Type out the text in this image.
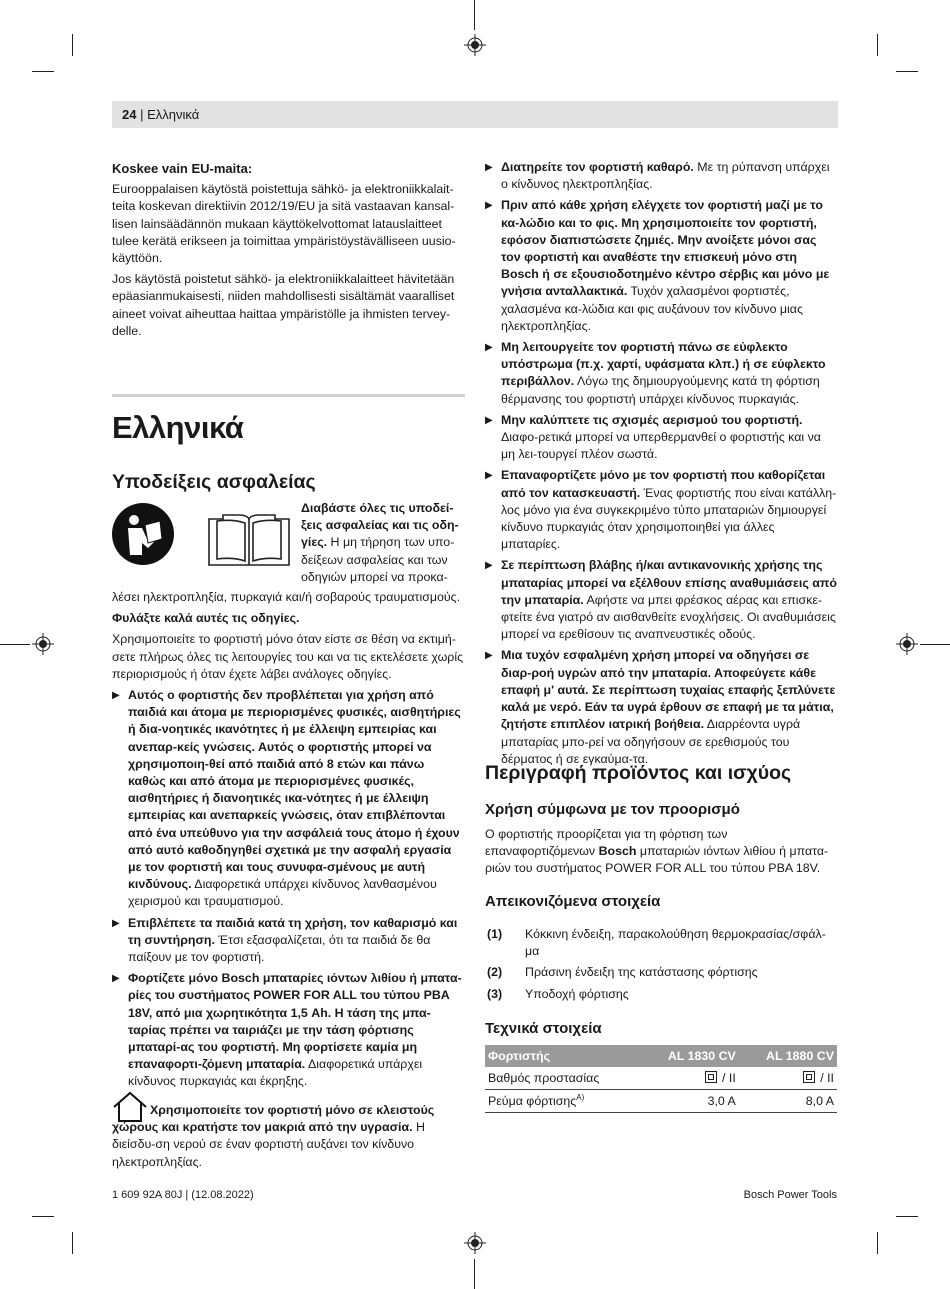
24 | Ελληνικά
Koskee vain EU-maita:

Eurooppalaisen käytöstä poistettuja sähkö- ja elektroniikkalait-teita koskevan direktiivin 2012/19/EU ja sitä vastaavan kansal-lisen lainsäädännön mukaan käyttökelvottomat latauslaitteet tulee kerätä erikseen ja toimittaa ympäristöystävälliseen uusio-käyttöön.

Jos käytöstä poistetut sähkö- ja elektroniikkalaitteet hävitetään epäasianmukaisesti, niiden mahdollisesti sisältämät vaaralliset aineet voivat aiheuttaa haittaa ympäristölle ja ihmisten tervey-delle.

Ελληνικά
Υποδείξεις ασφαλείας
Διαβάστε όλες τις υποδεί-ξεις ασφαλείας και τις οδη-γίες. Η μη τήρηση των υπο-δείξεων ασφαλείας και των οδηγιών μπορεί να προκα-

λέσει ηλεκτροπληξία, πυρκαγιά και/ή σοβαρούς τραυματισμούς.

Φυλάξτε καλά αυτές τις οδηγίες.

Χρησιμοποιείτε το φορτιστή μόνο όταν είστε σε θέση να εκτιμή-σετε πλήρως όλες τις λειτουργίες του και να τις εκτελέσετε χωρίς περιορισμούς ή όταν έχετε λάβει ανάλογες οδηγίες.

▶ Αυτός ο φορτιστής δεν προβλέπεται για χρήση από παιδιά και άτομα με περιορισμένες φυσικές, αισθητήριες ή δια-νοητικές ικανότητες ή με έλλειψη εμπειρίας και ανεπαρ-κείς γνώσεις. Αυτός ο φορτιστής μπορεί να χρησιμοποιη-θεί από παιδιά από 8 ετών και πάνω καθώς και από άτομα με περιορισμένες φυσικές, αισθητήριες ή διανοητικές ικα-νότητες ή με έλλειψη εμπειρίας και ανεπαρκείς γνώσεις, όταν επιβλέπονται από ένα υπεύθυνο για την ασφάλειά τους άτομο ή έχουν από αυτό καθοδηγηθεί σχετικά με την ασφαλή εργασία με τον φορτιστή και τους συνυφα-σμένους με αυτή κινδύνους. Διαφορετικά υπάρχει κίνδυνος λανθασμένου χειρισμού και τραυματισμού.

▶ Επιβλέπετε τα παιδιά κατά τη χρήση, τον καθαρισμό και τη συντήρηση. Έτσι εξασφαλίζεται, ότι τα παιδιά δε θα παίξουν με τον φορτιστή.

▶ Φορτίζετε μόνο Bosch μπαταρίες ιόντων λιθίου ή μπατα-ρίες του συστήματος POWER FOR ALL του τύπου PBA 18V, από μια χωρητικότητα 1,5 Ah. Η τάση της μπα-ταρίας πρέπει να ταιριάζει με την τάση φόρτισης μπαταρί-ας του φορτιστή. Μη φορτίσετε καμία μη επαναφορτι-ζόμενη μπαταρία. Διαφορετικά υπάρχει κίνδυνος πυρκαγιάς και έκρηξης.

Χρησιμοποιείτε τον φορτιστή μόνο σε κλειστούς χώρους και κρατήστε τον μακριά από την υγρασία. Η διείσδυ-ση νερού σε έναν φορτιστή αυξάνει τον κίνδυνο ηλεκτροπληξίας.

▶ Διατηρείτε τον φορτιστή καθαρό. Με τη ρύπανση υπάρχει ο κίνδυνος ηλεκτροπληξίας.

▶ Πριν από κάθε χρήση ελέγχετε τον φορτιστή μαζί με το κα-λώδιο και το φις. Μη χρησιμοποιείτε τον φορτιστή, εφόσον διαπιστώσετε ζημιές. Μην ανοίξετε μόνοι σας τον φορτιστή και αναθέστε την επισκευή μόνο στη Bosch ή σε εξουσιοδοτημένο κέντρο σέρβις και μόνο με γνήσια ανταλλακτικά. Τυχόν χαλασμένοι φορτιστές, χαλασμένα κα-λώδια και φις αυξάνουν τον κίνδυνο μιας ηλεκτροπληξίας.

▶ Μη λειτουργείτε τον φορτιστή πάνω σε εύφλεκτο υπόστρωμα (π.χ. χαρτί, υφάσματα κλπ.) ή σε εύφλεκτο περιβάλλον. Λόγω της δημιουργούμενης κατά τη φόρτιση θέρμανσης του φορτιστή υπάρχει κίνδυνος πυρκαγιάς.

▶ Μην καλύπτετε τις σχισμές αερισμού του φορτιστή. Διαφο-ρετικά μπορεί να υπερθερμανθεί ο φορτιστής και να μη λει-τουργεί πλέον σωστά.

▶ Επαναφορτίζετε μόνο με τον φορτιστή που καθορίζεται από τον κατασκευαστή. Ένας φορτιστής που είναι κατάλλη-λος μόνο για ένα συγκεκριμένο τύπο μπαταριών δημιουργεί κίνδυνο πυρκαγιάς όταν χρησιμοποιηθεί για άλλες μπαταρίες.

▶ Σε περίπτωση βλάβης ή/και αντικανονικής χρήσης της μπαταρίας μπορεί να εξέλθουν επίσης αναθυμιάσεις από την μπαταρία. Αφήστε να μπει φρέσκος αέρας και επισκε-φτείτε ένα γιατρό αν αισθανθείτε ενοχλήσεις. Οι αναθυμιάσεις μπορεί να ερεθίσουν τις αναπνευστικές οδούς.

▶ Μια τυχόν εσφαλμένη χρήση μπορεί να οδηγήσει σε διαρ-ροή υγρών από την μπαταρία. Αποφεύγετε κάθε επαφή μ' αυτά. Σε περίπτωση τυχαίας επαφής ξεπλύνετε καλά με νερό. Εάν τα υγρά έρθουν σε επαφή με τα μάτια, ζητήστε επιπλέον ιατρική βοήθεια. Διαρρέοντα υγρά μπαταρίας μπο-ρεί να οδηγήσουν σε ερεθισμούς του δέρματος ή σε εγκαύμα-τα.

Περιγραφή προϊόντος και ισχύος
Χρήση σύμφωνα με τον προορισμό
Ο φορτιστής προορίζεται για τη φόρτιση των επαναφορτιζόμενων Bosch μπαταριών ιόντων λιθίου ή μπατα-ριών του συστήματος POWER FOR ALL του τύπου PBA 18V.
Απεικονιζόμενα στοιχεία
(1) Κόκκινη ένδειξη, παρακολούθηση θερμοκρασίας/σφάλ-μα
(2) Πράσινη ένδειξη της κατάστασης φόρτισης
(3) Υποδοχή φόρτισης
Τεχνικά στοιχεία
Φορτιστής	AL 1830 CV	AL 1880 CV
Βαθμός προστασίας	/ II	/ II
Ρεύμα φόρτισης$^{A)}$	3,0 A	8,0 A
1 609 92A 80J | (12.08.2022)	Bosch Power Tools
